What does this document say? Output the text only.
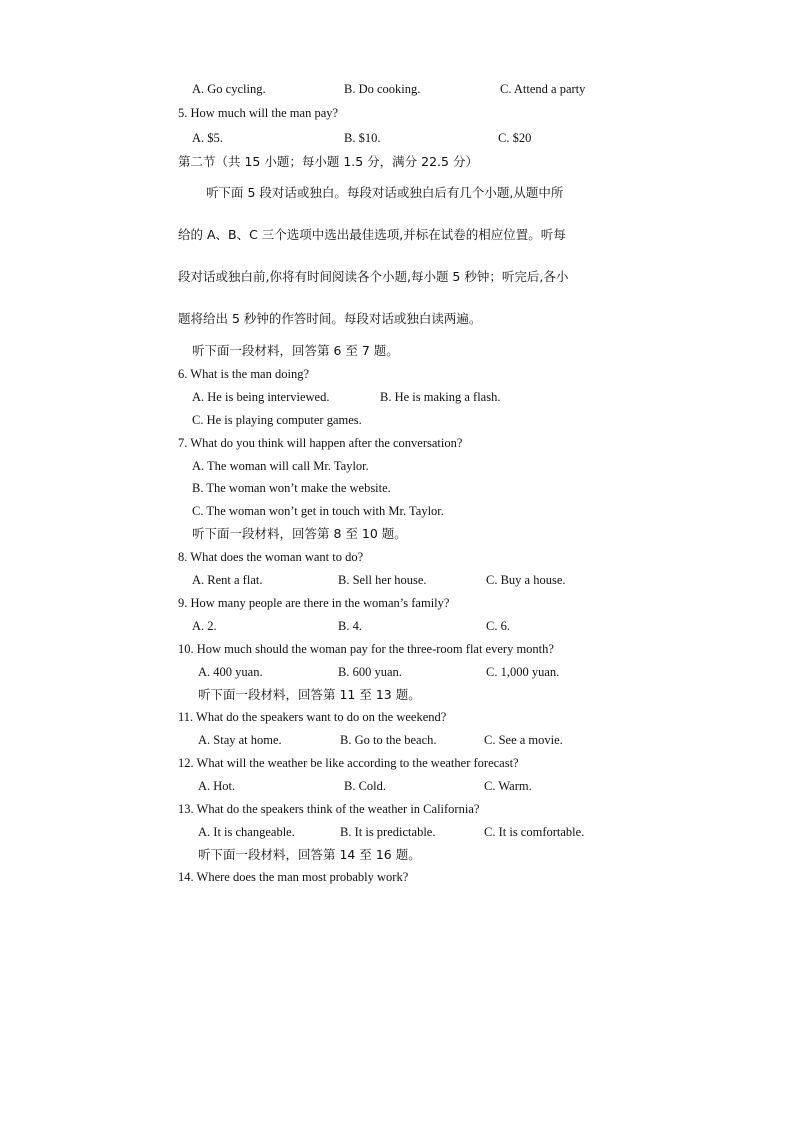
A. Go cycling.	B. Do cooking.	C. Attend a party
5. How much will the man pay?
A. $5.	B. $10.	C. $20
第二节（共 15 小题；每小题 1.5 分，满分 22.5 分）
听下面 5 段对话或独白。每段对话或独白后有几个小题,从题中所
给的 A、B、C 三个选项中选出最佳选项,并标在试卷的相应位置。听每
段对话或独白前,你将有时间阅读各个小题,每小题 5 秒钟；听完后,各小
题将给出 5 秒钟的作答时间。每段对话或独白读两遍。
听下面一段材料，回答第 6 至 7 题。
6. What is the man doing?
A. He is being interviewed.	B. He is making a flash.
C. He is playing computer games.
7. What do you think will happen after the conversation?
A. The woman will call Mr. Taylor.
B. The woman won’t make the website.
C. The woman won’t get in touch with Mr. Taylor.
听下面一段材料，回答第 8 至 10 题。
8. What does the woman want to do?
A. Rent a flat.	B. Sell her house.	C. Buy a house.
9. How many people are there in the woman’s family?
A. 2.	B. 4.	C. 6.
10. How much should the woman pay for the three-room flat every month?
A. 400 yuan.	B. 600 yuan.	C. 1,000 yuan.
听下面一段材料，回答第 11 至 13 题。
11. What do the speakers want to do on the weekend?
A. Stay at home.	B. Go to the beach.	C. See a movie.
12. What will the weather be like according to the weather forecast?
A. Hot.	B. Cold.	C. Warm.
13. What do the speakers think of the weather in California?
A. It is changeable.	B. It is predictable.	C. It is comfortable.
听下面一段材料，回答第 14 至 16 题。
14. Where does the man most probably work?
